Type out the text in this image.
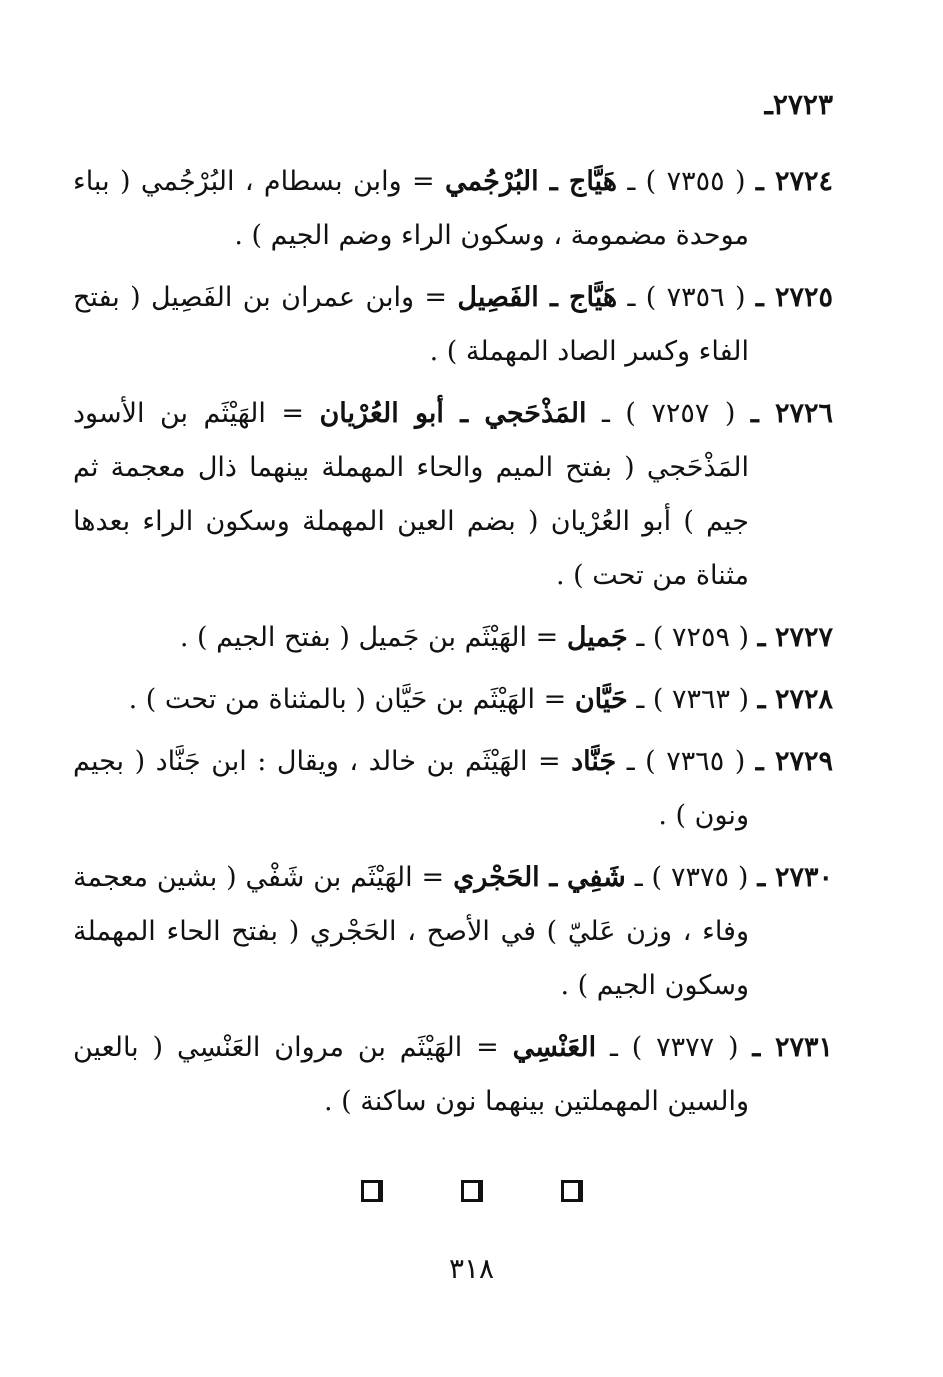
٢٧٢٣ـ
٢٧٢٤ ـ ( ٧٣٥٥ ) ـ هَيَّاج ـ البُرْجُمي = وابن بسطام ، البُرْجُمي ( بباء موحدة مضمومة ، وسكون الراء وضم الجيم ) .
٢٧٢٥ ـ ( ٧٣٥٦ ) ـ هَيَّاج ـ الفَصِيل = وابن عمران بن الفَصِيل ( بفتح الفاء وكسر الصاد المهملة ) .
٢٧٢٦ ـ ( ٧٢٥٧ ) ـ المَذْحَجي ـ أبو العُرْيان = الهَيْثَم بن الأسود المَذْحَجي ( بفتح الميم والحاء المهملة بينهما ذال معجمة ثم جيم ) أبو العُرْيان ( بضم العين المهملة وسكون الراء بعدها مثناة من تحت ) .
٢٧٢٧ ـ ( ٧٢٥٩ ) ـ جَميل = الهَيْثَم بن جَميل ( بفتح الجيم ) .
٢٧٢٨ ـ ( ٧٣٦٣ ) ـ حَيَّان = الهَيْثَم بن حَيَّان ( بالمثناة من تحت ) .
٢٧٢٩ ـ ( ٧٣٦٥ ) ـ جَنَّاد = الهَيْثَم بن خالد ، ويقال : ابن جَنَّاد ( بجيم ونون ) .
٢٧٣٠ ـ ( ٧٣٧٥ ) ـ شَفِي ـ الحَجْري = الهَيْثَم بن شَفْي ( بشين معجمة وفاء ، وزن عَليّ ) في الأصح ، الحَجْري ( بفتح الحاء المهملة وسكون الجيم ) .
٢٧٣١ ـ ( ٧٣٧٧ ) ـ العَنْسِي = الهَيْثَم بن مروان العَنْسِي ( بالعين والسين المهملتين بينهما نون ساكنة ) .
٣١٨
